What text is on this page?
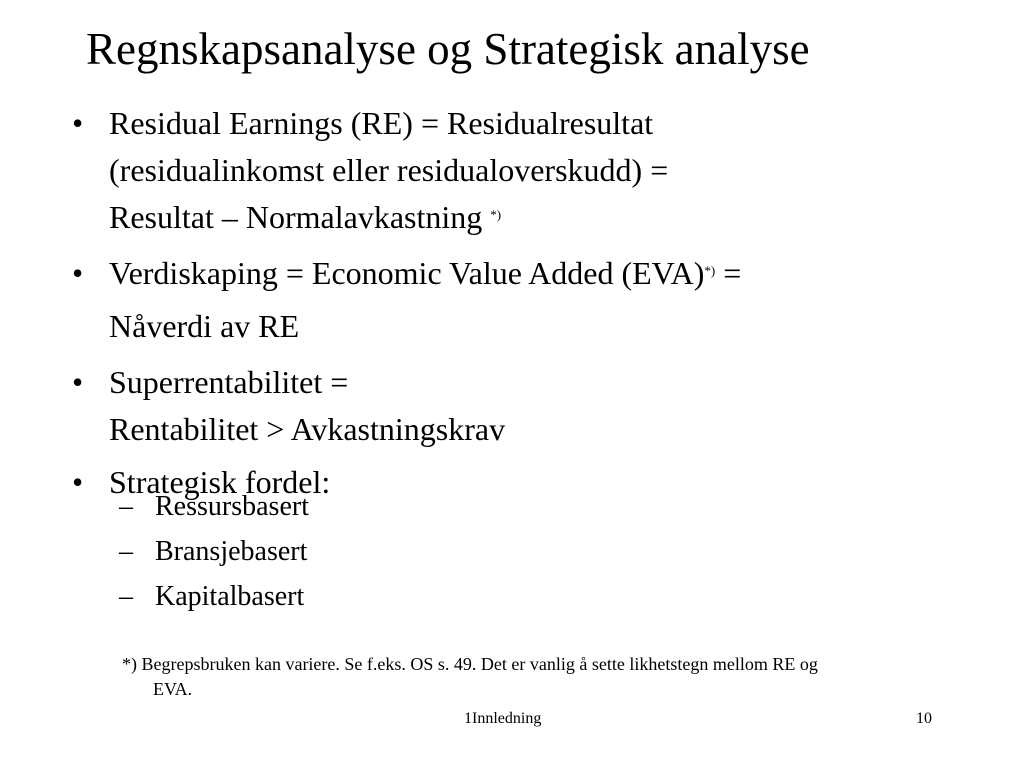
Regnskapsanalyse og Strategisk analyse
• Residual Earnings (RE) = Residualresultat
(residualinkomst eller residualoverskudd) =
Resultat – Normalavkastning *)
• Verdiskaping = Economic Value Added (EVA)*) =
Nåverdi av RE
• Superrentabilitet =
Rentabilitet > Avkastningskrav
• Strategisk fordel:
– Ressursbasert
– Bransjebasert
– Kapitalbasert
*) Begrepsbruken kan variere. Se f.eks. OS s. 49. Det er vanlig å sette likhetstegn mellom RE og
EVA.
1Innledning	10
